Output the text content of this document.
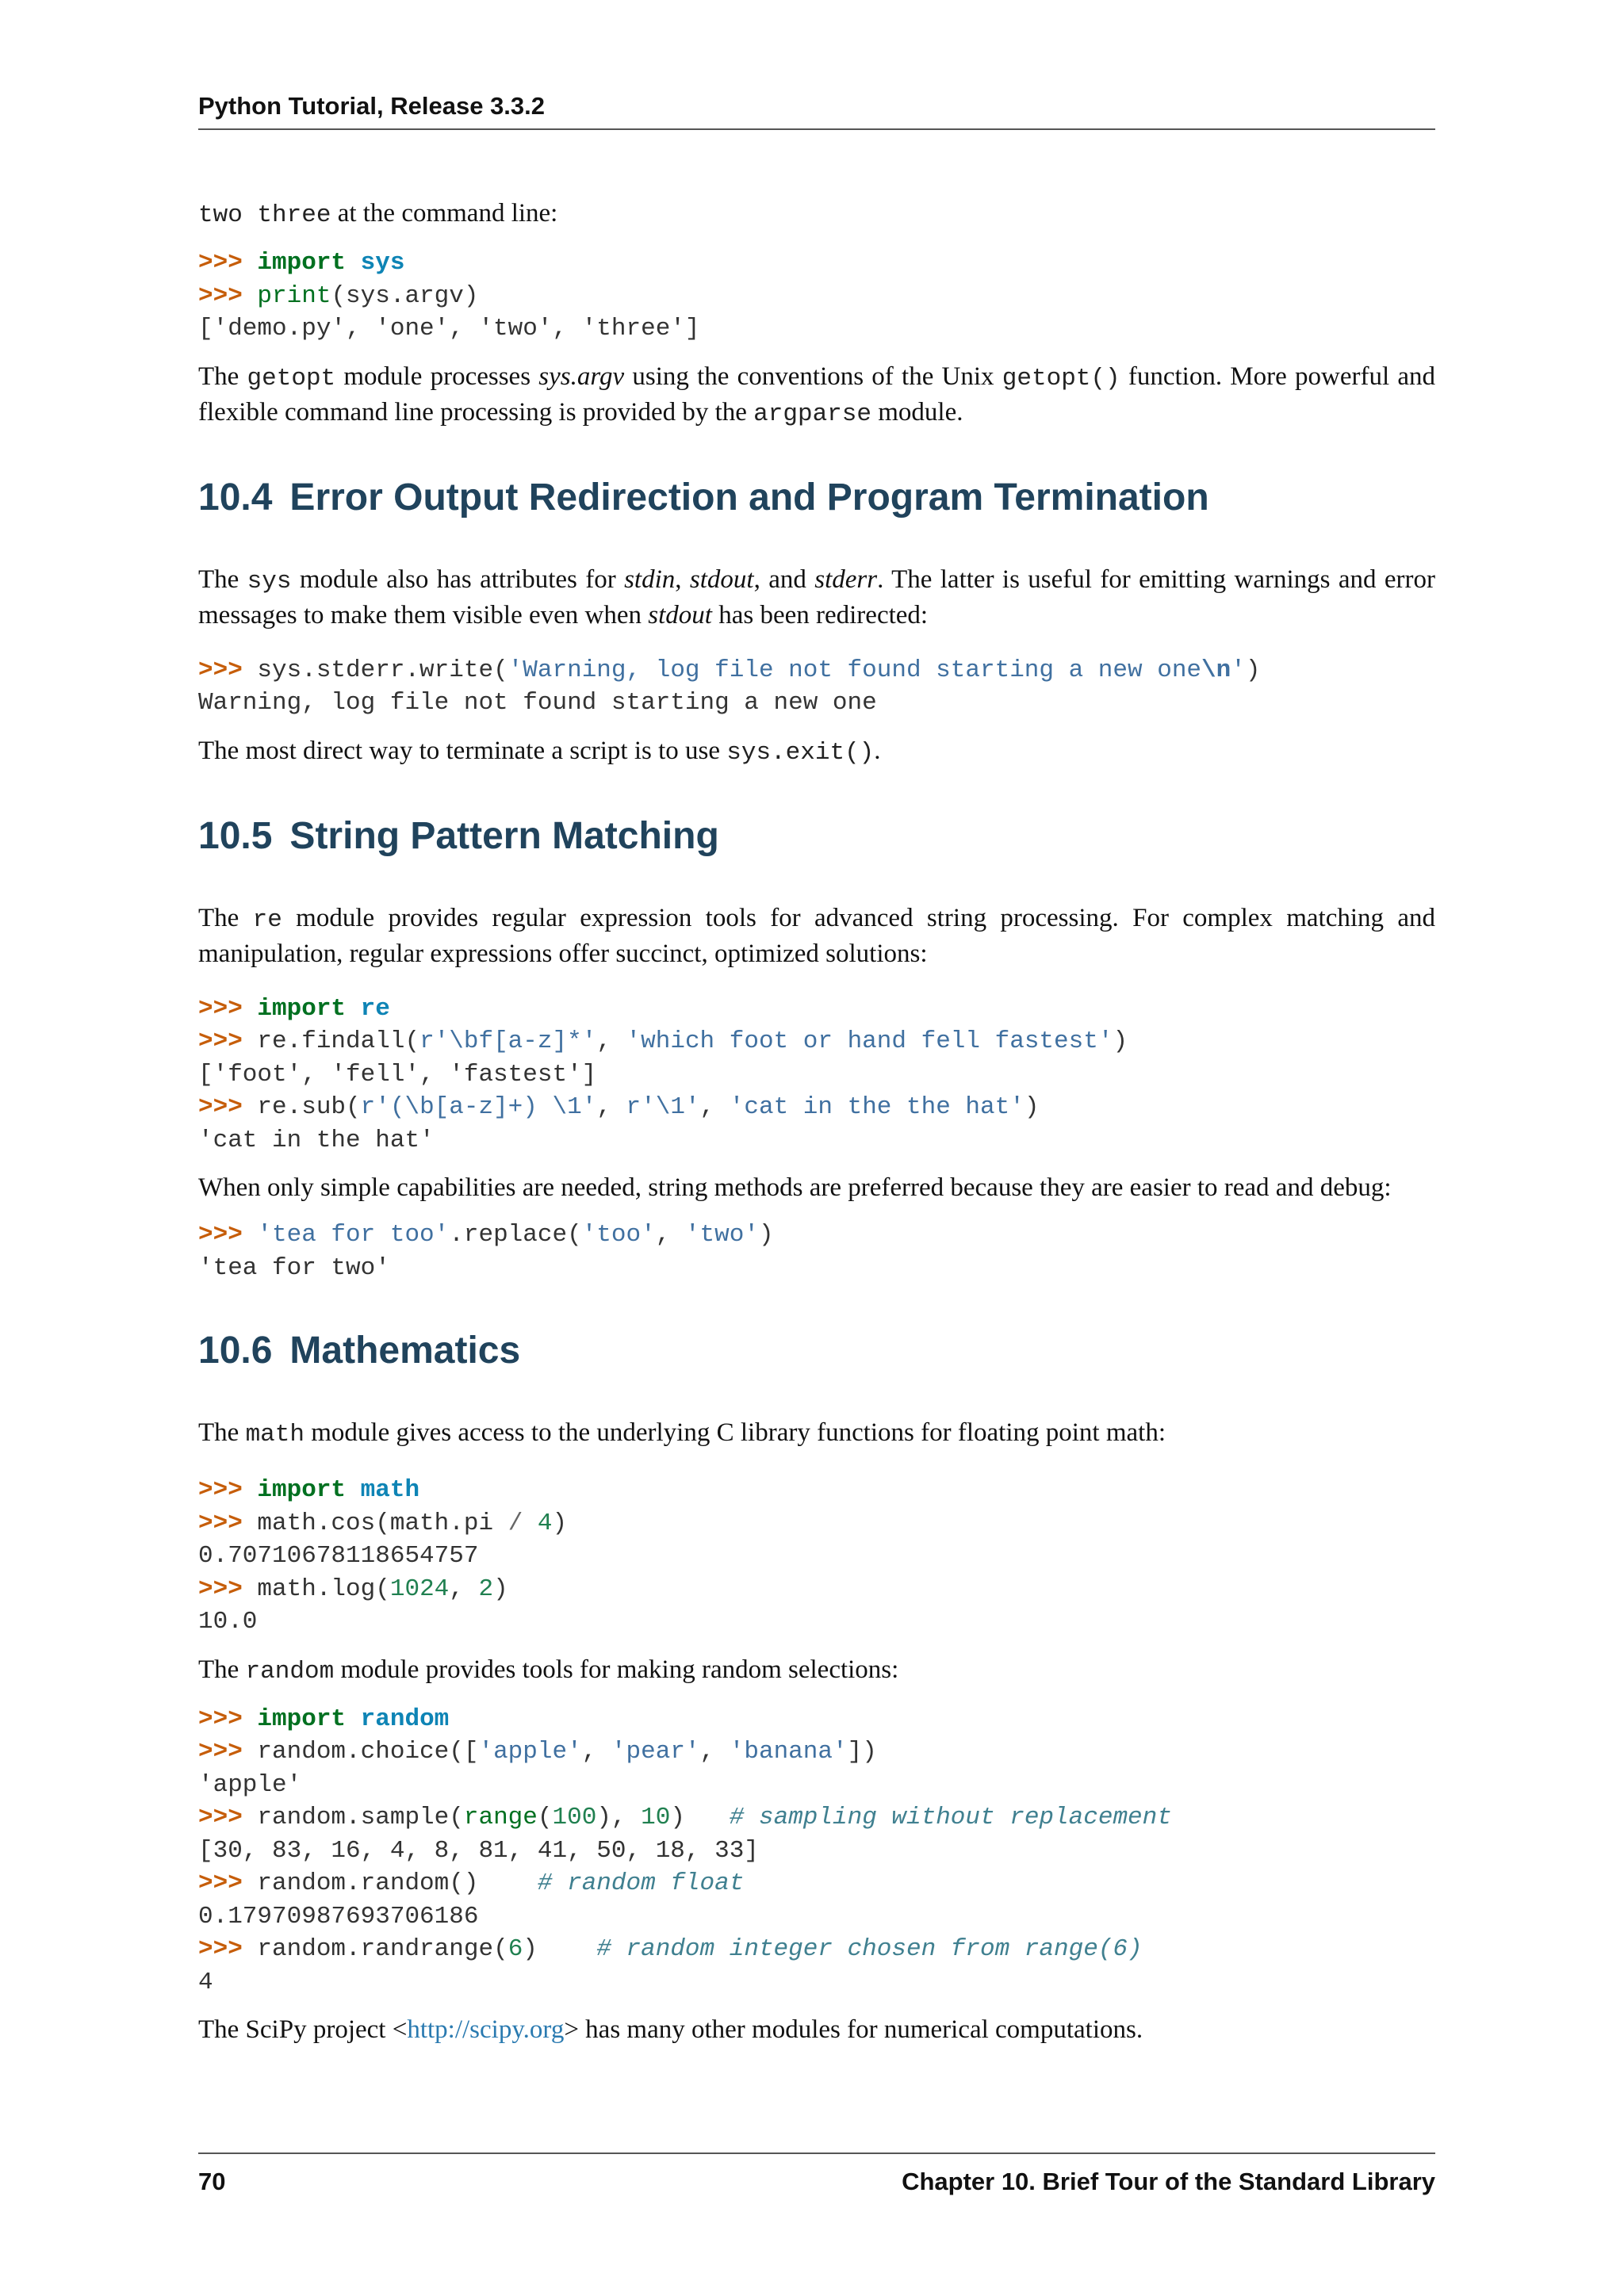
Python Tutorial, Release 3.3.2

two three at the command line:

>>> import sys
>>> print(sys.argv)
['demo.py', 'one', 'two', 'three']

The getopt module processes sys.argv using the conventions of the Unix getopt() function. More powerful and flexible command line processing is provided by the argparse module.

10.4 Error Output Redirection and Program Termination

The sys module also has attributes for stdin, stdout, and stderr. The latter is useful for emitting warnings and error messages to make them visible even when stdout has been redirected:

>>> sys.stderr.write('Warning, log file not found starting a new one\n')
Warning, log file not found starting a new one

The most direct way to terminate a script is to use sys.exit().

10.5 String Pattern Matching

The re module provides regular expression tools for advanced string processing. For complex matching and manipulation, regular expressions offer succinct, optimized solutions:

>>> import re
>>> re.findall(r'\bf[a-z]*', 'which foot or hand fell fastest')
['foot', 'fell', 'fastest']
>>> re.sub(r'(\b[a-z]+) \1', r'\1', 'cat in the the hat')
'cat in the hat'

When only simple capabilities are needed, string methods are preferred because they are easier to read and debug:

>>> 'tea for too'.replace('too', 'two')
'tea for two'
10.6 Mathematics

The math module gives access to the underlying C library functions for floating point math:

>>> import math
>>> math.cos(math.pi / 4)
0.70710678118654757
>>> math.log(1024, 2)
10.0

The random module provides tools for making random selections:

>>> import random
>>> random.choice(['apple', 'pear', 'banana'])
'apple'
>>> random.sample(range(100), 10)   # sampling without replacement
[30, 83, 16, 4, 8, 81, 41, 50, 18, 33]
>>> random.random()    # random float
0.17970987693706186
>>> random.randrange(6)    # random integer chosen from range(6)
4

The SciPy project <http://scipy.org> has many other modules for numerical computations.

70	Chapter 10. Brief Tour of the Standard Library
